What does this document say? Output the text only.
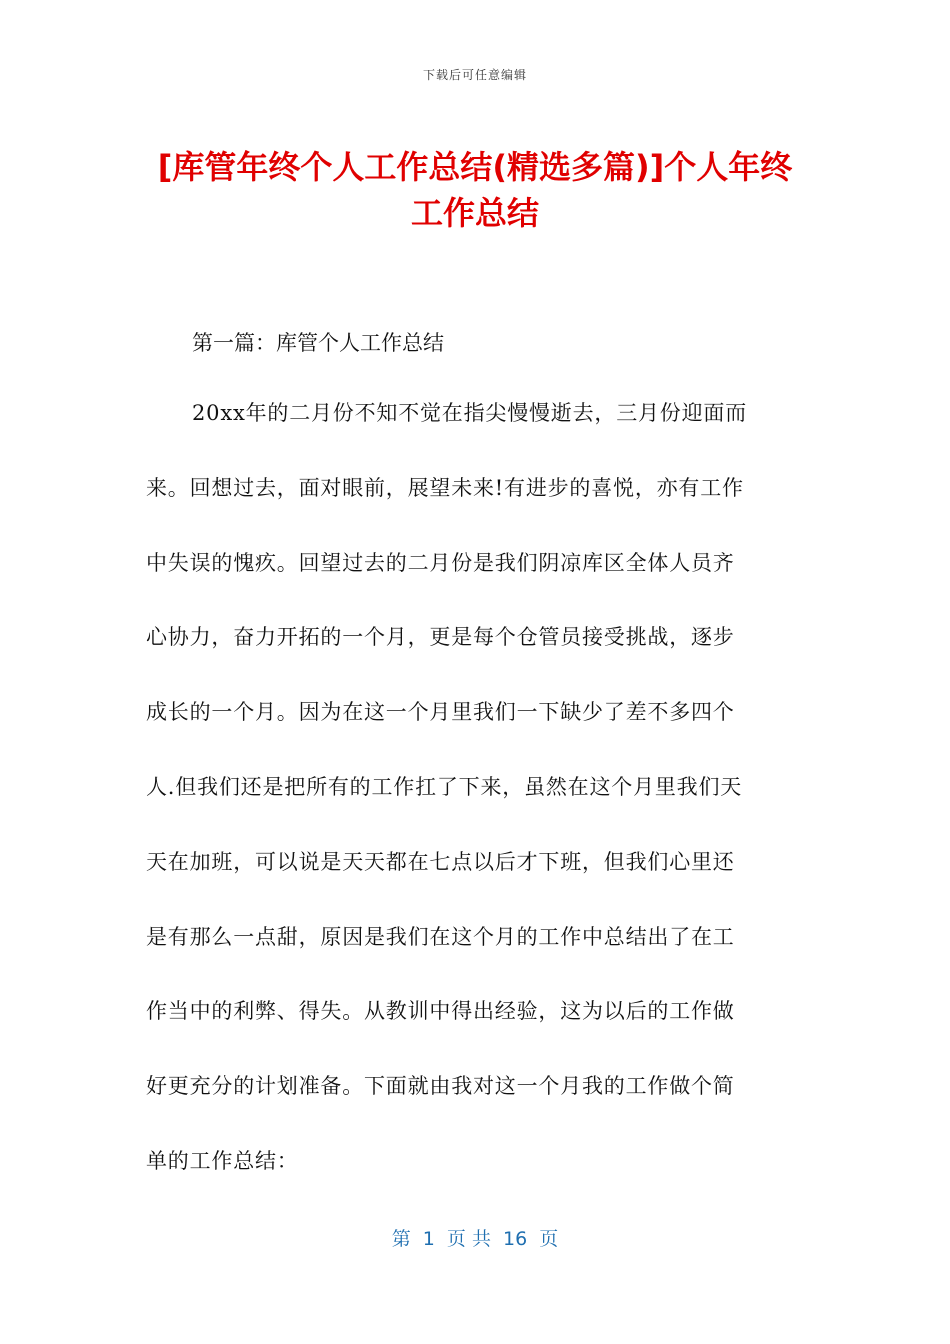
下载后可任意编辑
[库管年终个人工作总结(精选多篇)]个人年终
工作总结

第一篇：库管个人工作总结

20xx年的二月份不知不觉在指尖慢慢逝去，三月份迎面而

来。回想过去，面对眼前，展望未来!有进步的喜悦，亦有工作

中失误的愧疚。回望过去的二月份是我们阴凉库区全体人员齐

心协力，奋力开拓的一个月，更是每个仓管员接受挑战，逐步

成长的一个月。因为在这一个月里我们一下缺少了差不多四个

人.但我们还是把所有的工作扛了下来，虽然在这个月里我们天

天在加班，可以说是天天都在七点以后才下班，但我们心里还

是有那么一点甜，原因是我们在这个月的工作中总结出了在工

作当中的利弊、得失。从教训中得出经验，这为以后的工作做

好更充分的计划准备。下面就由我对这一个月我的工作做个简

单的工作总结：

第  1  页 共  16  页
